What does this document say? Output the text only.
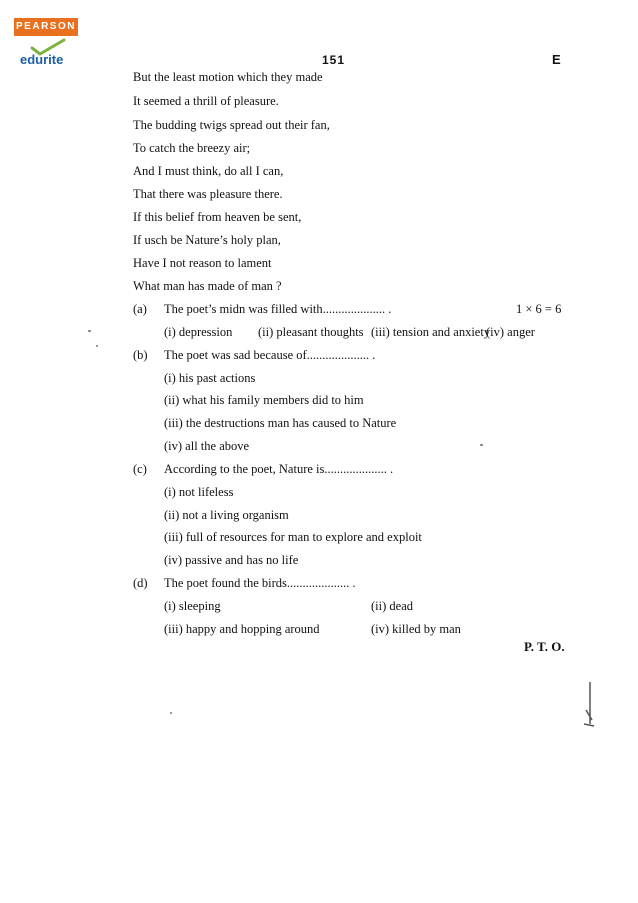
PEARSON
edurite	151	E
But the least motion which they made
It seemed a thrill of pleasure.
The budding twigs spread out their fan,
To catch the breezy air;
And I must think, do all I can,
That there was pleasure there.
If this belief from heaven be sent,
If usch be Nature’s holy plan,
Have I not reason to lament
What man has made of man ?
(a) The poet’s midn was filled with.................... .	1 × 6 = 6
(i) depression (ii) pleasant thoughts (iii) tension and anxiety
(iv) anger
(b) The poet was sad because of.................... .
(i) his past actions
(ii) what his family members did to him
(iii) the destructions man has caused to Nature
(iv) all the above
(c) According to the poet, Nature is.................... .
(i) not lifeless
(ii) not a living organism
(iii) full of resources for man to explore and exploit
(iv) passive and has no life
(d) The poet found the birds.................... .
(i) sleeping	(ii) dead
(iii) happy and hopping around	(iv) killed by man
P. T. O.
